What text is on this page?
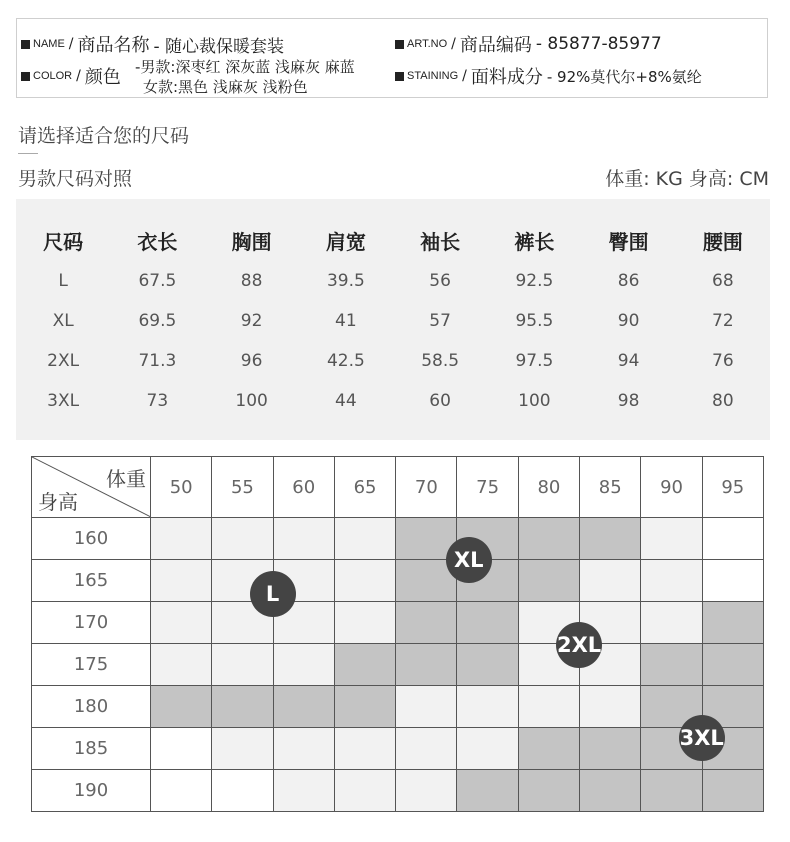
NAME / 商品名称 - 随心裁保暖套装	ART.NO / 商品编码 - 85877-85977
COLOR / 颜色 -男款:深枣红 深灰蓝 浅麻灰 麻蓝
女款:黑色 浅麻灰 浅粉色
STAINING / 面料成分 - 92%莫代尔+8%氨纶
请选择适合您的尺码
男款尺码对照	体重: KG 身高: CM
尺码	衣长	胸围	肩宽	袖长	裤长	臀围	腰围
L	67.5	88	39.5	56	92.5	86	68
XL	69.5	92	41	57	95.5	90	72
2XL	71.3	96	42.5	58.5	97.5	94	76
3XL	73	100	44	60	100	98	80
体重
身高	50	55	60	65	70	75	80	85	90	95
160										
165										
170										
175										
180										
185										
190										
L
XL
2XL
3XL
